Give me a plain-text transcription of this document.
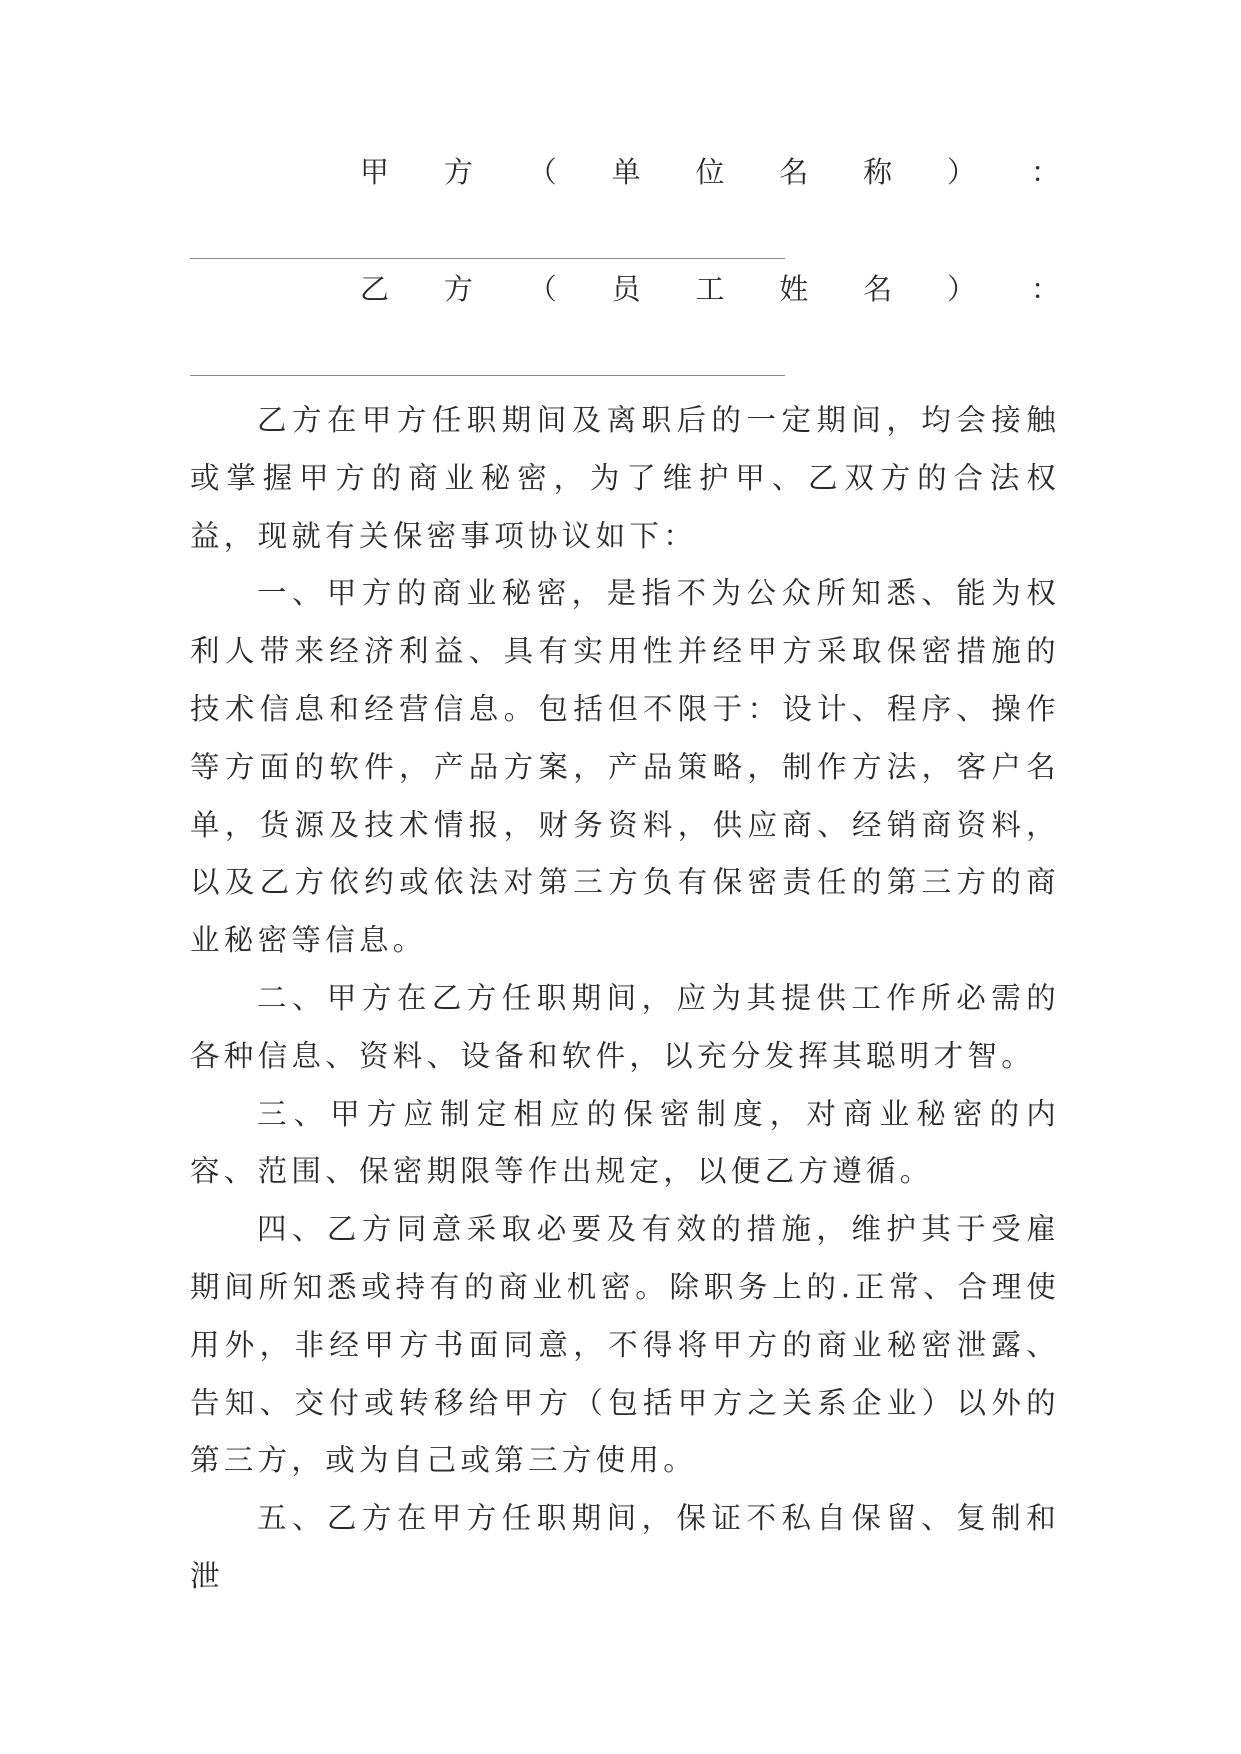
甲 方 （ 单 位 名 称 ） ：
乙 方 （ 员 工 姓 名 ） ：

乙方在甲方任职期间及离职后的一定期间，均会接触或掌握甲方的商业秘密，为了维护甲、乙双方的合法权益，现就有关保密事项协议如下：

一、甲方的商业秘密，是指不为公众所知悉、能为权利人带来经济利益、具有实用性并经甲方采取保密措施的技术信息和经营信息。包括但不限于：设计、程序、操作等方面的软件，产品方案，产品策略，制作方法，客户名单，货源及技术情报，财务资料，供应商、经销商资料，以及乙方依约或依法对第三方负有保密责任的第三方的商业秘密等信息。

二、甲方在乙方任职期间，应为其提供工作所必需的各种信息、资料、设备和软件，以充分发挥其聪明才智。

三、甲方应制定相应的保密制度，对商业秘密的内容、范围、保密期限等作出规定，以便乙方遵循。

四、乙方同意采取必要及有效的措施，维护其于受雇期间所知悉或持有的商业机密。除职务上的.正常、合理使用外，非经甲方书面同意，不得将甲方的商业秘密泄露、告知、交付或转移给甲方（包括甲方之关系企业）以外的第三方，或为自己或第三方使用。

五、乙方在甲方任职期间，保证不私自保留、复制和泄
